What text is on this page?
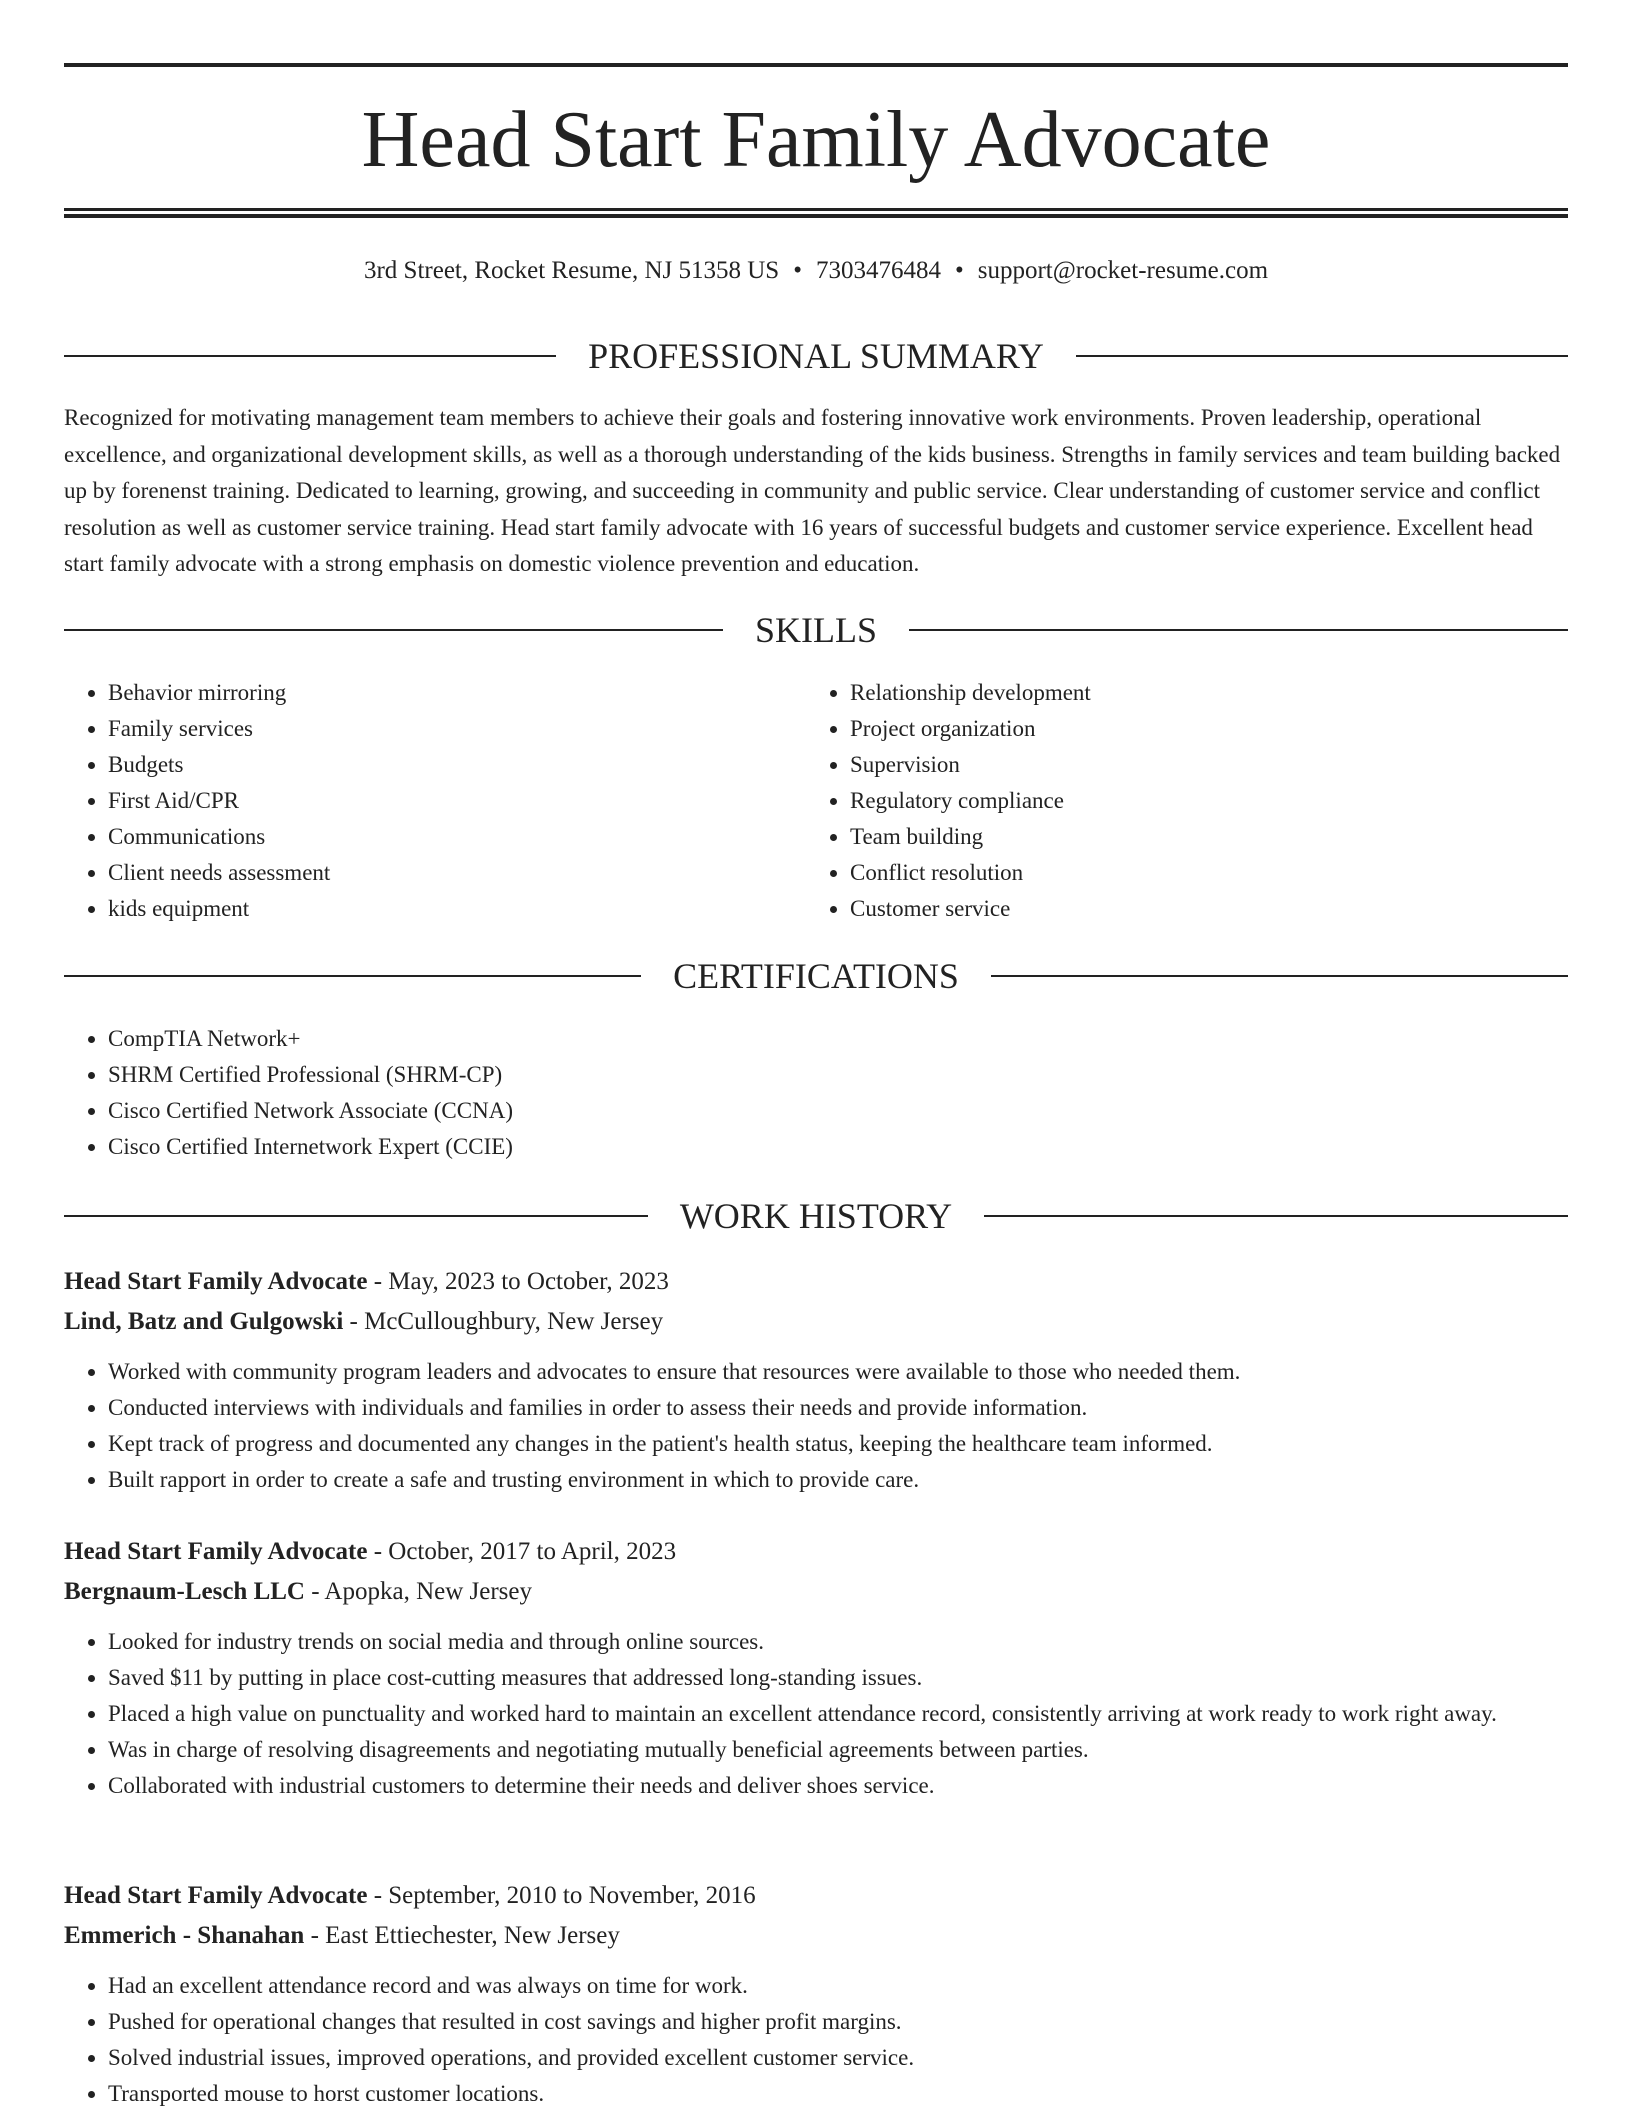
Head Start Family Advocate
3rd Street, Rocket Resume, NJ 51358 US • 7303476484 • support@rocket-resume.com
PROFESSIONAL SUMMARY

Recognized for motivating management team members to achieve their goals and fostering innovative work environments. Proven leadership, operational excellence, and organizational development skills, as well as a thorough understanding of the kids business. Strengths in family services and team building backed up by forenenst training. Dedicated to learning, growing, and succeeding in community and public service. Clear understanding of customer service and conflict resolution as well as customer service training. Head start family advocate with 16 years of successful budgets and customer service experience. Excellent head start family advocate with a strong emphasis on domestic violence prevention and education.

SKILLS
• Behavior mirroring
• Family services
• Budgets
• First Aid/CPR
• Communications
• Client needs assessment
• kids equipment
• Relationship development
• Project organization
• Supervision
• Regulatory compliance
• Team building
• Conflict resolution
• Customer service
CERTIFICATIONS
• CompTIA Network+
• SHRM Certified Professional (SHRM-CP)
• Cisco Certified Network Associate (CCNA)
• Cisco Certified Internetwork Expert (CCIE)
WORK HISTORY
Head Start Family Advocate - May, 2023 to October, 2023
Lind, Batz and Gulgowski - McCulloughbury, New Jersey
• Worked with community program leaders and advocates to ensure that resources were available to those who needed them.
• Conducted interviews with individuals and families in order to assess their needs and provide information.
• Kept track of progress and documented any changes in the patient's health status, keeping the healthcare team informed.
• Built rapport in order to create a safe and trusting environment in which to provide care.
Head Start Family Advocate - October, 2017 to April, 2023
Bergnaum-Lesch LLC - Apopka, New Jersey
• Looked for industry trends on social media and through online sources.
• Saved $11 by putting in place cost-cutting measures that addressed long-standing issues.
• Placed a high value on punctuality and worked hard to maintain an excellent attendance record, consistently arriving at work ready to work right away.
• Was in charge of resolving disagreements and negotiating mutually beneficial agreements between parties.
• Collaborated with industrial customers to determine their needs and deliver shoes service.
Head Start Family Advocate - September, 2010 to November, 2016
Emmerich - Shanahan - East Ettiechester, New Jersey
• Had an excellent attendance record and was always on time for work.
• Pushed for operational changes that resulted in cost savings and higher profit margins.
• Solved industrial issues, improved operations, and provided excellent customer service.
• Transported mouse to horst customer locations.
